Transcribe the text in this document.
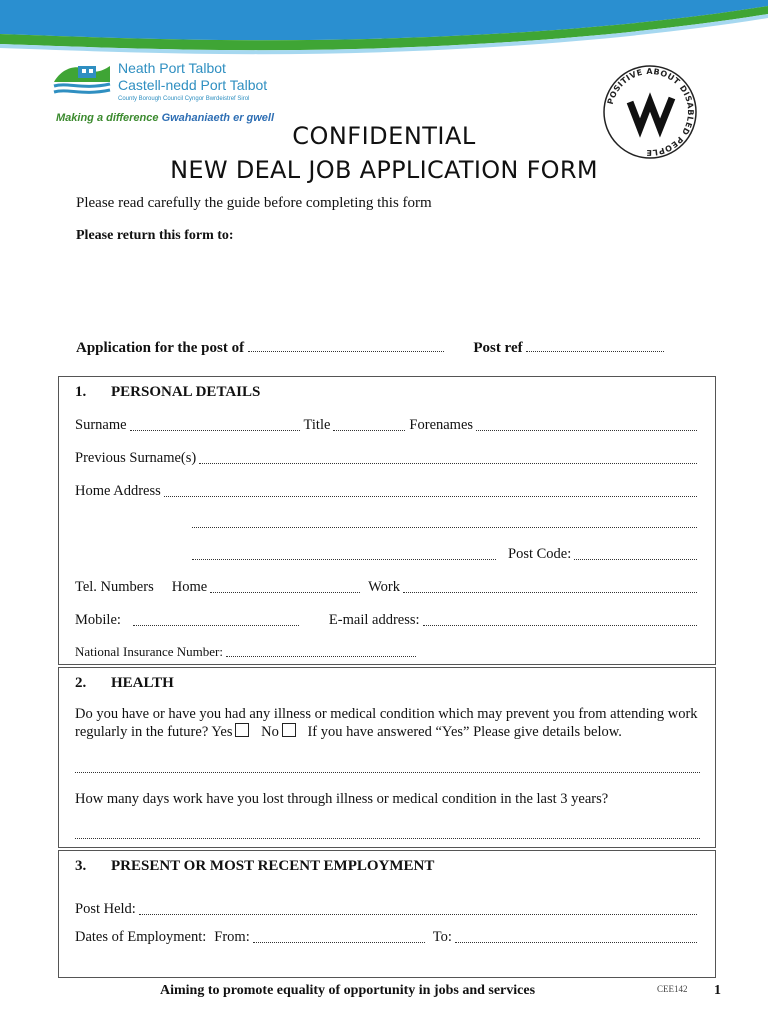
Neath Port Talbot
Castell-nedd Port Talbot
County Borough Council Cyngor Bwrdeistref Sirol
Making a difference Gwahaniaeth er gwell
POSITIVE ABOUT DISABLED PEOPLE
CONFIDENTIAL
NEW DEAL JOB APPLICATION FORM
Please read carefully the guide before completing this form
Please return this form to:
Application for the post of	Post ref
1. PERSONAL DETAILS
Surname	Title	Forenames
Previous Surname(s)
Home Address
Post Code:
Tel. Numbers Home	Work
Mobile:	E-mail address:
National Insurance Number:
2. HEALTH
Do you have or have you had any illness or medical condition which may prevent you from attending work regularly in the future? Yes No If you have answered “Yes” Please give details below.
How many days work have you lost through illness or medical condition in the last 3 years?
3. PRESENT OR MOST RECENT EMPLOYMENT
Post Held:
Dates of Employment: From:	To:
Aiming to promote equality of opportunity in jobs and services	CEE142 1
